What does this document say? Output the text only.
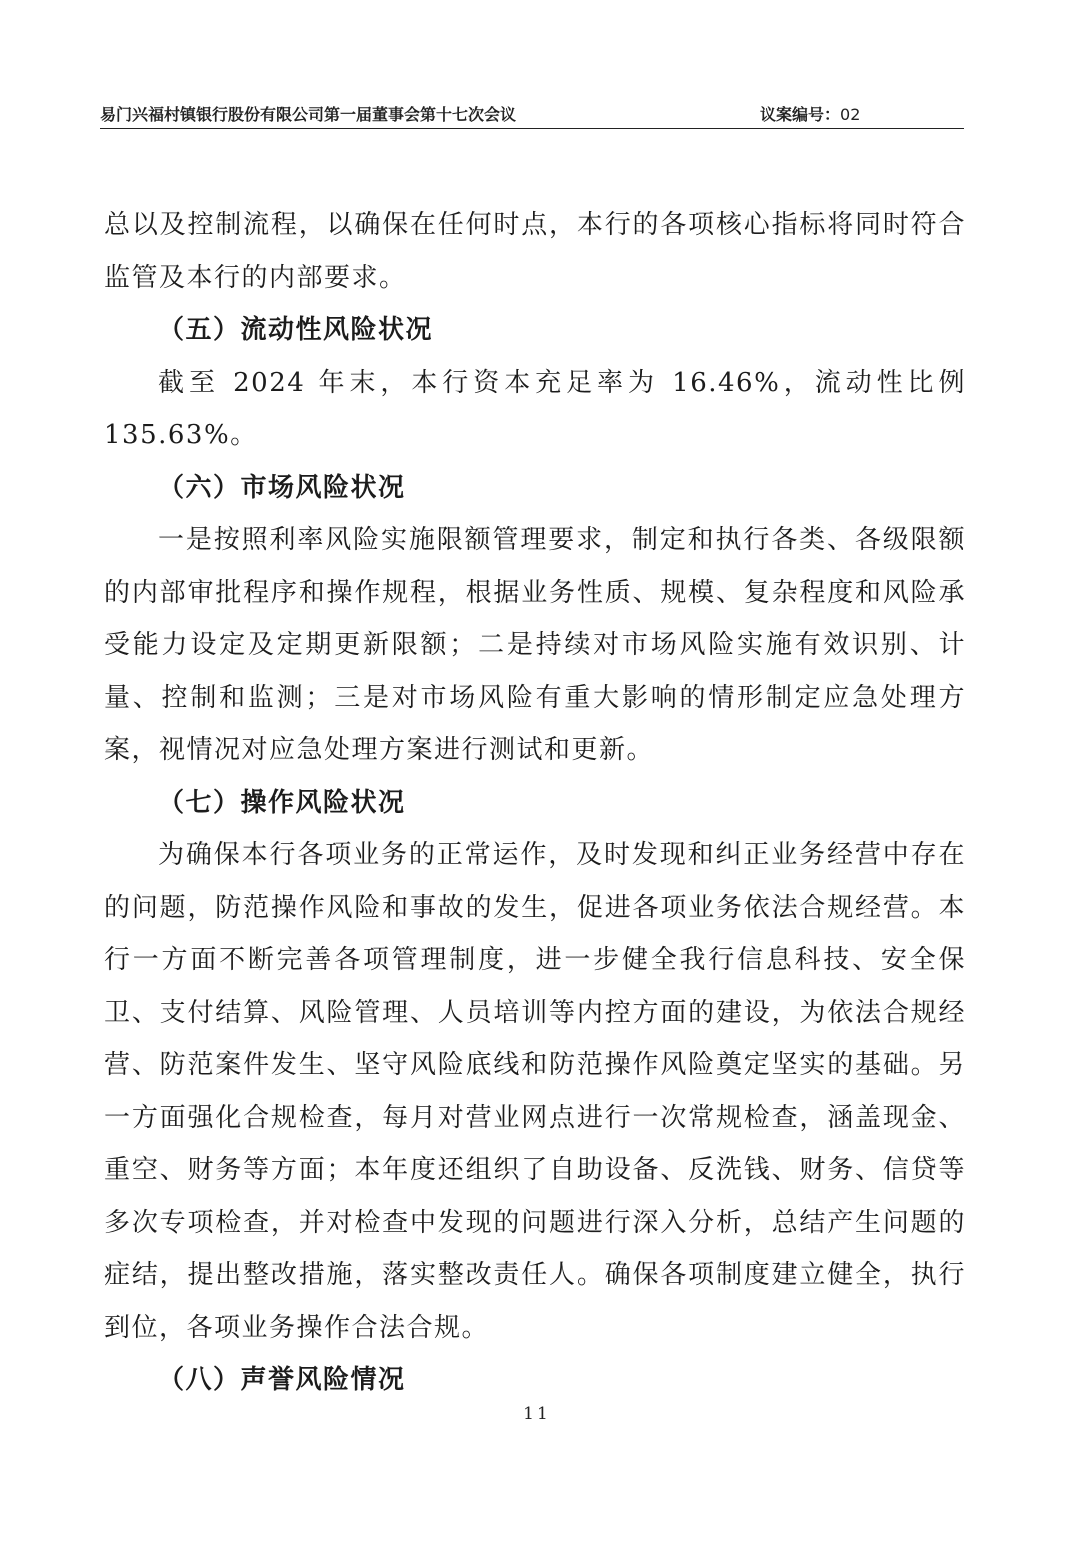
易门兴福村镇银行股份有限公司第一届董事会第十七次会议	议案编号：02

总以及控制流程，以确保在任何时点，本行的各项核心指标将同时符合监管及本行的内部要求。

（五）流动性风险状况

截至 2024 年末，本行资本充足率为 16.46%，流动性比例 135.63%。

（六）市场风险状况

一是按照利率风险实施限额管理要求，制定和执行各类、各级限额的内部审批程序和操作规程，根据业务性质、规模、复杂程度和风险承受能力设定及定期更新限额；二是持续对市场风险实施有效识别、计量、控制和监测；三是对市场风险有重大影响的情形制定应急处理方案，视情况对应急处理方案进行测试和更新。

（七）操作风险状况

为确保本行各项业务的正常运作，及时发现和纠正业务经营中存在的问题，防范操作风险和事故的发生，促进各项业务依法合规经营。本行一方面不断完善各项管理制度，进一步健全我行信息科技、安全保卫、支付结算、风险管理、人员培训等内控方面的建设，为依法合规经营、防范案件发生、坚守风险底线和防范操作风险奠定坚实的基础。另一方面强化合规检查，每月对营业网点进行一次常规检查，涵盖现金、重空、财务等方面；本年度还组织了自助设备、反洗钱、财务、信贷等多次专项检查，并对检查中发现的问题进行深入分析，总结产生问题的症结，提出整改措施，落实整改责任人。确保各项制度建立健全，执行到位，各项业务操作合法合规。

（八）声誉风险情况
11
